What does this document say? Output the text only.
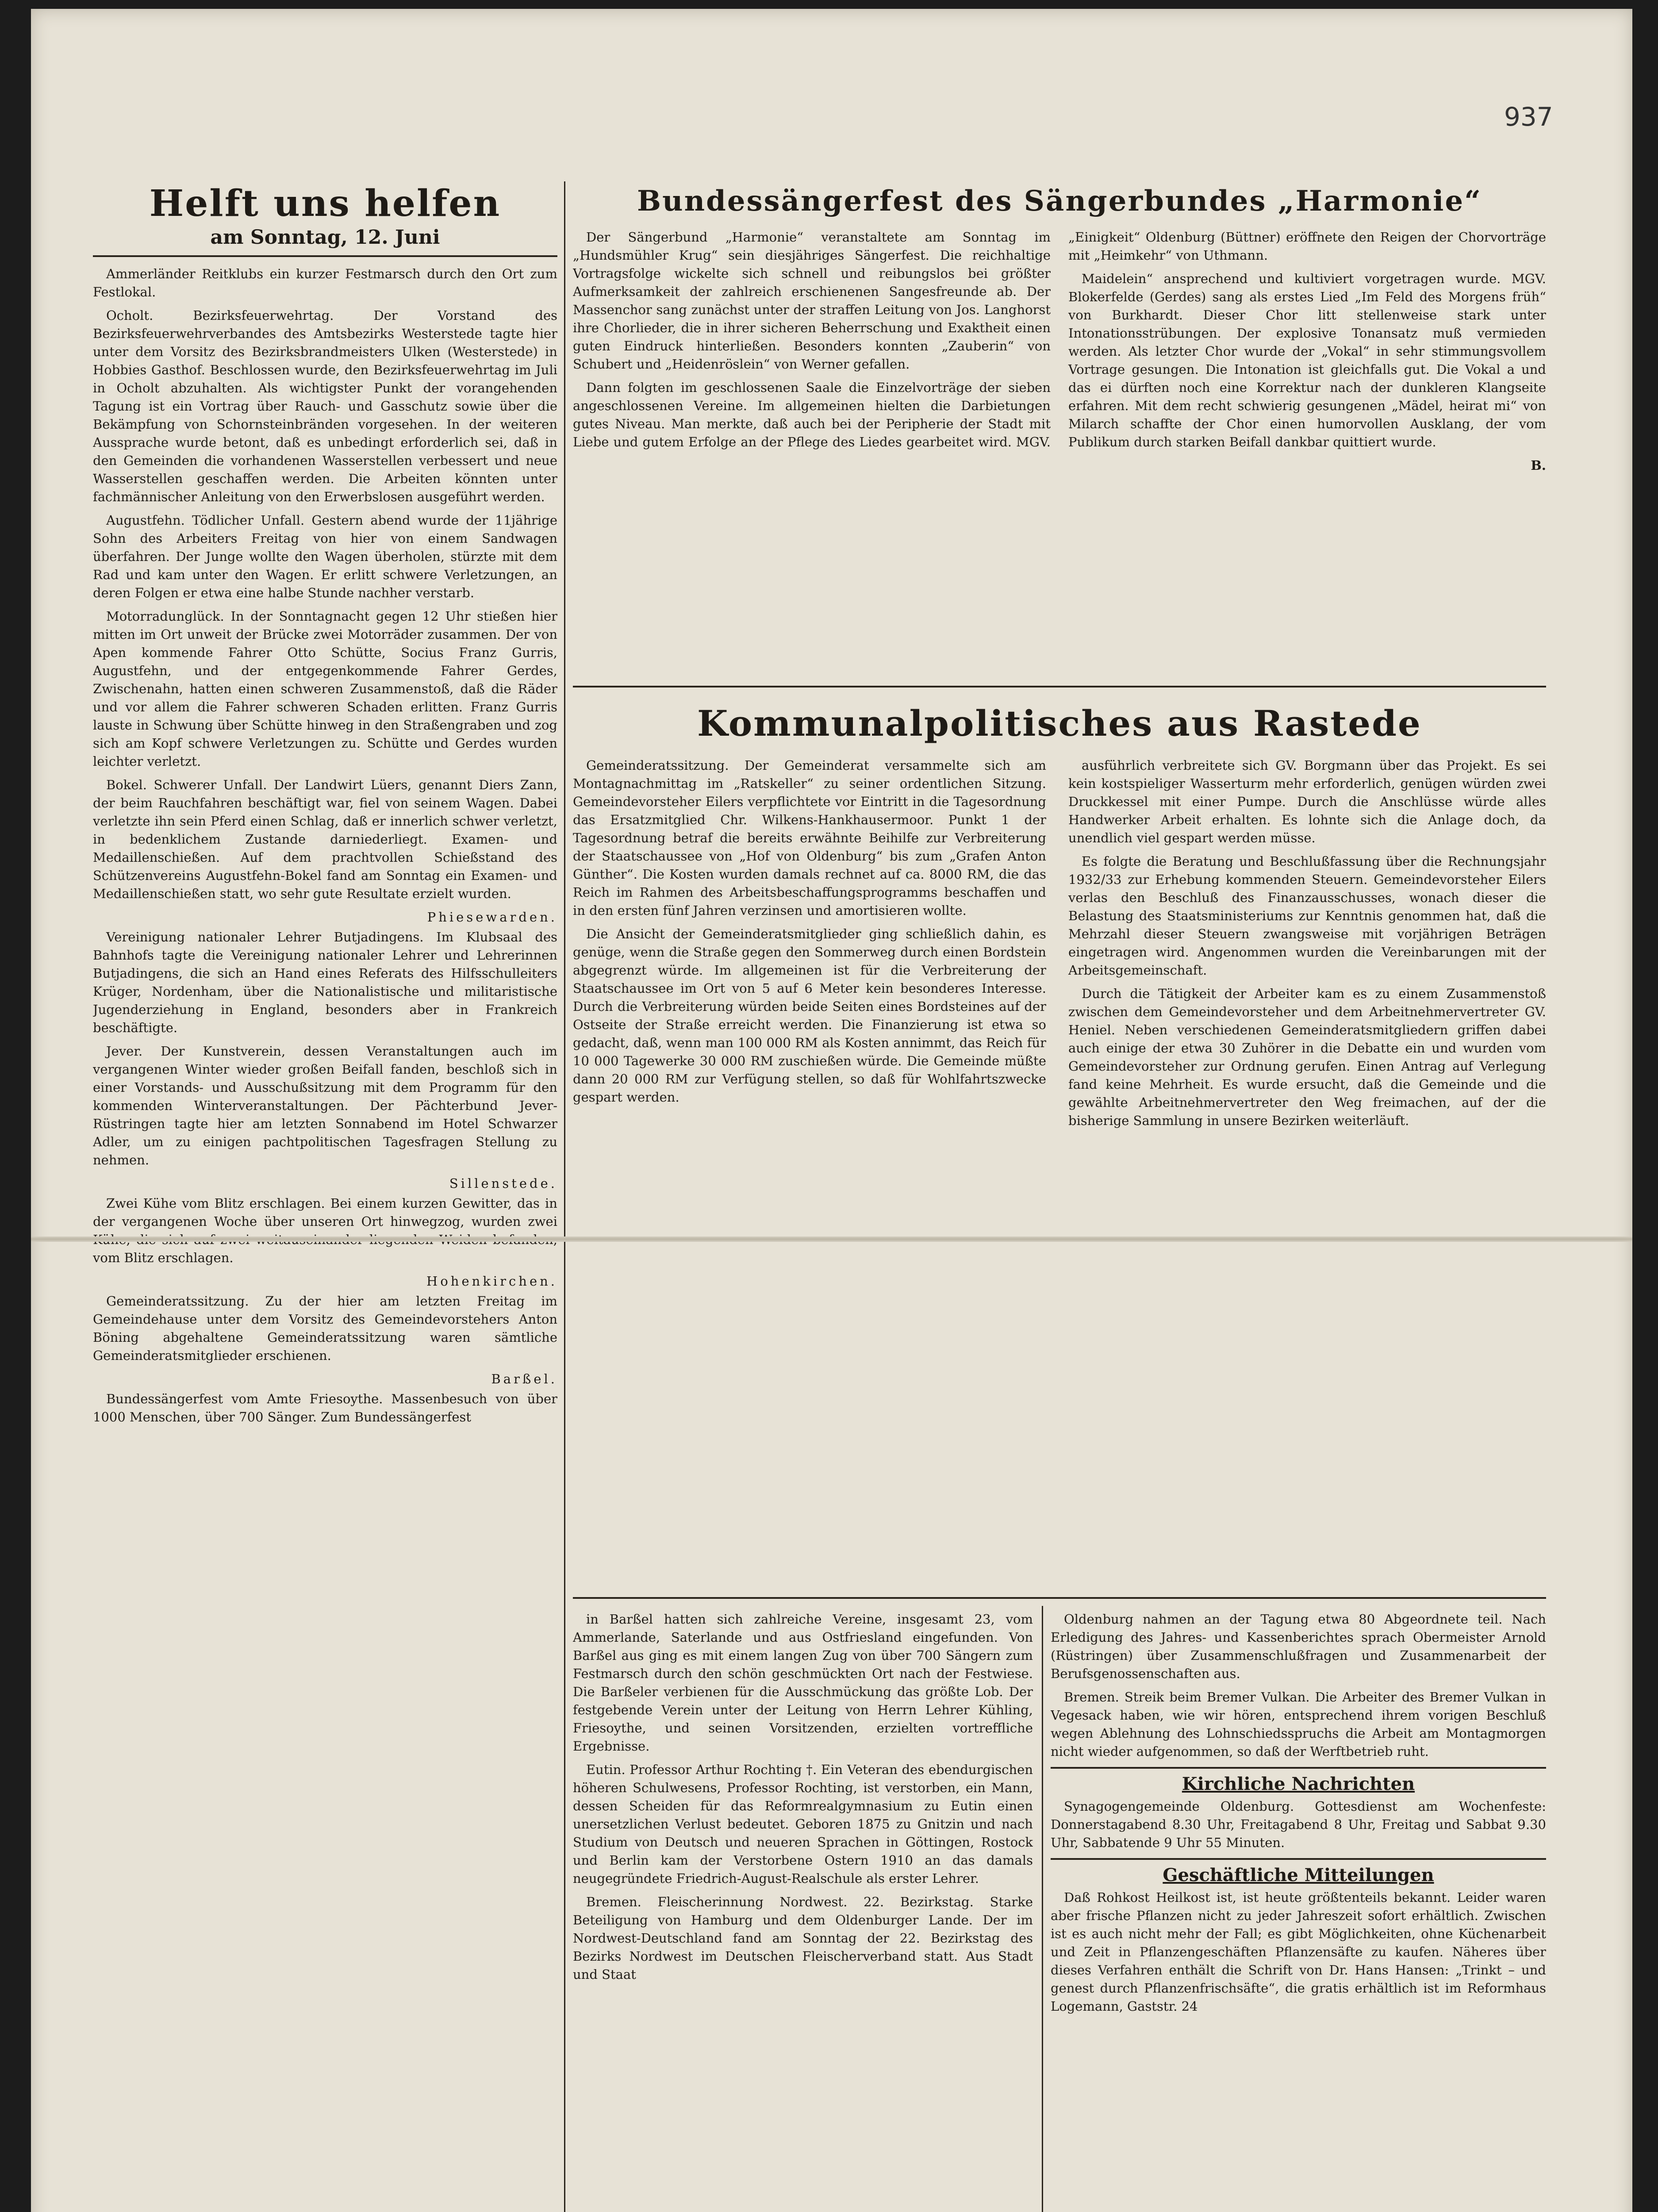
937
Helft uns helfen
am Sonntag, 12. Juni

Ammerländer Reitklubs ein kurzer Festmarsch durch den Ort zum Festlokal.

Ocholt. Bezirksfeuerwehrtag. Der Vorstand des Bezirksfeuerwehrverbandes des Amtsbezirks Westerstede tagte hier unter dem Vorsitz des Bezirksbrandmeisters Ulken (Westerstede) in Hobbies Gasthof. Beschlossen wurde, den Bezirksfeuerwehrtag im Juli in Ocholt abzuhalten. Als wichtigster Punkt der vorangehenden Tagung ist ein Vortrag über Rauch- und Gasschutz sowie über die Bekämpfung von Schornsteinbränden vorgesehen. In der weiteren Aussprache wurde betont, daß es unbedingt erforderlich sei, daß in den Gemeinden die vorhandenen Wasserstellen verbessert und neue Wasserstellen geschaffen werden. Die Arbeiten könnten unter fachmännischer Anleitung von den Erwerbslosen ausgeführt werden.

Augustfehn. Tödlicher Unfall. Gestern abend wurde der 11jährige Sohn des Arbeiters Freitag von hier von einem Sandwagen überfahren. Der Junge wollte den Wagen überholen, stürzte mit dem Rad und kam unter den Wagen. Er erlitt schwere Verletzungen, an deren Folgen er etwa eine halbe Stunde nachher verstarb.

Motorradunglück. In der Sonntagnacht gegen 12 Uhr stießen hier mitten im Ort unweit der Brücke zwei Motorräder zusammen. Der von Apen kommende Fahrer Otto Schütte, Socius Franz Gurris, Augustfehn, und der entgegenkommende Fahrer Gerdes, Zwischenahn, hatten einen schweren Zusammenstoß, daß die Räder und vor allem die Fahrer schweren Schaden erlitten. Franz Gurris lauste in Schwung über Schütte hinweg in den Straßengraben und zog sich am Kopf schwere Verletzungen zu. Schütte und Gerdes wurden leichter verletzt.

Bokel. Schwerer Unfall. Der Landwirt Lüers, genannt Diers Zann, der beim Rauchfahren beschäftigt war, fiel von seinem Wagen. Dabei verletzte ihn sein Pferd einen Schlag, daß er innerlich schwer verletzt, in bedenklichem Zustande darniederliegt. Examen- und Medaillenschießen. Auf dem prachtvollen Schießstand des Schützenvereins Augustfehn-Bokel fand am Sonntag ein Examen- und Medaillenschießen statt, wo sehr gute Resultate erzielt wurden.

Phiesewarden.

Vereinigung nationaler Lehrer Butjadingens. Im Klubsaal des Bahnhofs tagte die Vereinigung nationaler Lehrer und Lehrerinnen Butjadingens, die sich an Hand eines Referats des Hilfsschulleiters Krüger, Nordenham, über die Nationalistische und militaristische Jugenderziehung in England, besonders aber in Frankreich beschäftigte.

Jever. Der Kunstverein, dessen Veranstaltungen auch im vergangenen Winter wieder großen Beifall fanden, beschloß sich in einer Vorstands- und Ausschußsitzung mit dem Programm für den kommenden Winterveranstaltungen. Der Pächterbund Jever-Rüstringen tagte hier am letzten Sonnabend im Hotel Schwarzer Adler, um zu einigen pachtpolitischen Tagesfragen Stellung zu nehmen.

Sillenstede.

Zwei Kühe vom Blitz erschlagen. Bei einem kurzen Gewitter, das in der vergangenen Woche über unseren Ort hinwegzog, wurden zwei vom Blitz erschlagen.

Hohenkirchen.

Gemeinderatssitzung. Zu der hier am letzten Freitag im Gemeindehause unter dem Vorsitz des Gemeindevorstehers Anton Böning abgehaltene Gemeinderatssitzung waren sämtliche Gemeinderatsmitglieder erschienen.

Barßel.

Bundessängerfest vom Amte Friesoythe. Massenbesuch von über 1000 Menschen, über 700 Sänger. Zum Bundessängerfest

Bundessängerfest des Sängerbundes „Harmonie“

Der Sängerbund „Harmonie“ veranstaltete am Sonntag im „Hundsmühler Krug“ sein diesjähriges Sängerfest. Die reichhaltige Vortragsfolge wickelte sich schnell und reibungslos bei größter Aufmerksamkeit der zahlreich erschienenen Sangesfreunde ab. Der Massenchor sang zunächst unter der straffen Leitung von Jos. Langhorst ihre Chorlieder, die in ihrer sicheren Beherrschung und Exaktheit einen guten Eindruck hinterließen. Besonders konnten „Zauberin“ von Schubert und „Heidenröslein“ von Werner gefallen.

Dann folgten im geschlossenen Saale die Einzelvorträge der sieben angeschlossenen Vereine. Im allgemeinen hielten die Darbietungen gutes Niveau. Man merkte, daß auch bei der Peripherie der Stadt mit Liebe und gutem Erfolge an der Pflege des Liedes gearbeitet wird. MGV. „Einigkeit“ Oldenburg (Büttner) eröffnete den Reigen der Chorvorträge mit „Heimkehr“ von Uthmann.

Maidelein“ ansprechend und kultiviert vorgetragen wurde. MGV. Blokerfelde (Gerdes) sang als erstes Lied „Im Feld des Morgens früh“ von Burkhardt. Dieser Chor litt stellenweise stark unter Intonationsstrübungen. Der explosive Tonansatz muß vermieden werden. Als letzter Chor wurde der „Vokal“ in sehr stimmungsvollem Vortrage gesungen. Die Intonation ist gleichfalls gut. Die Vokal a und das ei dürften noch eine Korrektur nach der dunkleren Klangseite erfahren. Mit dem recht schwierig gesungenen „Mädel, heirat mi“ von Milarch schaffte der Chor einen humorvollen Ausklang, der vom Publikum durch starken Beifall dankbar quittiert wurde.

B.
Kommunalpolitisches aus Rastede

Gemeinderatssitzung. Der Gemeinderat versammelte sich am Montagnachmittag im „Ratskeller“ zu seiner ordentlichen Sitzung. Gemeindevorsteher Eilers verpflichtete vor Eintritt in die Tagesordnung das Ersatzmitglied Chr. Wilkens-Hankhausermoor. Punkt 1 der Tagesordnung betraf die bereits erwähnte Beihilfe zur Verbreiterung der Staatschaussee von „Hof von Oldenburg“ bis zum „Grafen Anton Günther“. Die Kosten wurden damals rechnet auf ca. 8000 RM, die das Reich im Rahmen des Arbeitsbeschaffungsprogramms beschaffen und in den ersten fünf Jahren verzinsen und amortisieren wollte.

Die Ansicht der Gemeinderatsmitglieder ging schließlich dahin, es genüge, wenn die Straße gegen den Sommerweg durch einen Bordstein abgegrenzt würde. Im allgemeinen ist für die Verbreiterung der Staatschaussee im Ort von 5 auf 6 Meter kein besonderes Interesse. Durch die Verbreiterung würden beide Seiten eines Bordsteines auf der Ostseite der Straße erreicht werden. Die Finanzierung ist etwa so gedacht, daß, wenn man 100 000 RM als Kosten annimmt, das Reich für 10 000 Tagewerke 30 000 RM zuschießen würde. Die Gemeinde müßte dann 20 000 RM zur Verfügung stellen, so daß für Wohlfahrtszwecke gespart werden.

ausführlich verbreitete sich GV. Borgmann über das Projekt. Es sei kein kostspieliger Wasserturm mehr erforderlich, genügen würden zwei Druckkessel mit einer Pumpe. Durch die Anschlüsse würde alles Handwerker Arbeit erhalten. Es lohnte sich die Anlage doch, da unendlich viel gespart werden müsse.

Es folgte die Beratung und Beschlußfassung über die Rechnungsjahr 1932/33 zur Erhebung kommenden Steuern. Gemeindevorsteher Eilers verlas den Beschluß des Finanzausschusses, wonach dieser die Belastung des Staatsministeriums zur Kenntnis genommen hat, daß die Mehrzahl dieser Steuern zwangsweise mit vorjährigen Beträgen eingetragen wird. Angenommen wurden die Vereinbarungen mit der Arbeitsgemeinschaft.

Durch die Tätigkeit der Arbeiter kam es zu einem Zusammenstoß zwischen dem Gemeindevorsteher und dem Arbeitnehmervertreter GV. Heniel. Neben verschiedenen Gemeinderatsmitgliedern griffen dabei auch einige der etwa 30 Zuhörer in die Debatte ein und wurden vom Gemeindevorsteher zur Ordnung gerufen. Einen Antrag auf Verlegung fand keine Mehrheit. Es wurde ersucht, daß die Gemeinde und die gewählte Arbeitnehmervertreter den Weg freimachen, auf der die bisherige Sammlung in unsere Bezirken weiterläuft.

in Barßel hatten sich zahlreiche Vereine, insgesamt 23, vom Ammerlande, Saterlande und aus Ostfriesland eingefunden. Von Barßel aus ging es mit einem langen Zug von über 700 Sängern zum Festmarsch durch den schön geschmückten Ort nach der Festwiese. Die Barßeler verbienen für die Ausschmückung das größte Lob. Der festgebende Verein unter der Leitung von Herrn Lehrer Kühling, Friesoythe, und seinen Vorsitzenden, erzielten vortreffliche Ergebnisse.

Eutin. Professor Arthur Rochting †. Ein Veteran des ebendurgischen höheren Schulwesens, Professor Rochting, ist verstorben, ein Mann, dessen Scheiden für das Reformrealgymnasium zu Eutin einen unersetzlichen Verlust bedeutet. Geboren 1875 zu Gnitzin und nach Studium von Deutsch und neueren Sprachen in Göttingen, Rostock und Berlin kam der Verstorbene Ostern 1910 an das damals neugegründete Friedrich-August-Realschule als erster Lehrer.

Bremen. Fleischerinnung Nordwest. 22. Bezirkstag. Starke Beteiligung von Hamburg und dem Oldenburger Lande. Der im Nordwest-Deutschland fand am Sonntag der 22. Bezirkstag des Bezirks Nordwest im Deutschen Fleischerverband statt. Aus Stadt und Staat

Oldenburg nahmen an der Tagung etwa 80 Abgeordnete teil. Nach Erledigung des Jahres- und Kassenberichtes sprach Obermeister Arnold (Rüstringen) über Zusammenschlußfragen und Zusammenarbeit der Berufsgenossenschaften aus.

Bremen. Streik beim Bremer Vulkan. Die Arbeiter des Bremer Vulkan in Vegesack haben, wie wir hören, entsprechend ihrem vorigen Beschluß wegen Ablehnung des Lohnschiedsspruchs die Arbeit am Montagmorgen nicht wieder aufgenommen, so daß der Werftbetrieb ruht.

Kirchliche Nachrichten

Synagogengemeinde Oldenburg. Gottesdienst am Wochenfeste: Donnerstagabend 8.30 Uhr, Freitagabend 8 Uhr, Freitag und Sabbat 9.30 Uhr, Sabbatende 9 Uhr 55 Minuten.

Geschäftliche Mitteilungen

Daß Rohkost Heilkost ist, ist heute größtenteils bekannt. Leider waren aber frische Pflanzen nicht zu jeder Jahreszeit sofort erhältlich. Zwischen ist es auch nicht mehr der Fall; es gibt Möglichkeiten, ohne Küchenarbeit und Zeit in Pflanzengeschäften Pflanzensäfte zu kaufen. Näheres über dieses Verfahren enthält die Schrift von Dr. Hans Hansen: „Trinkt – und genest durch Pflanzenfrischsäfte“, die gratis erhältlich ist im Reformhaus Logemann, Gaststr. 24
